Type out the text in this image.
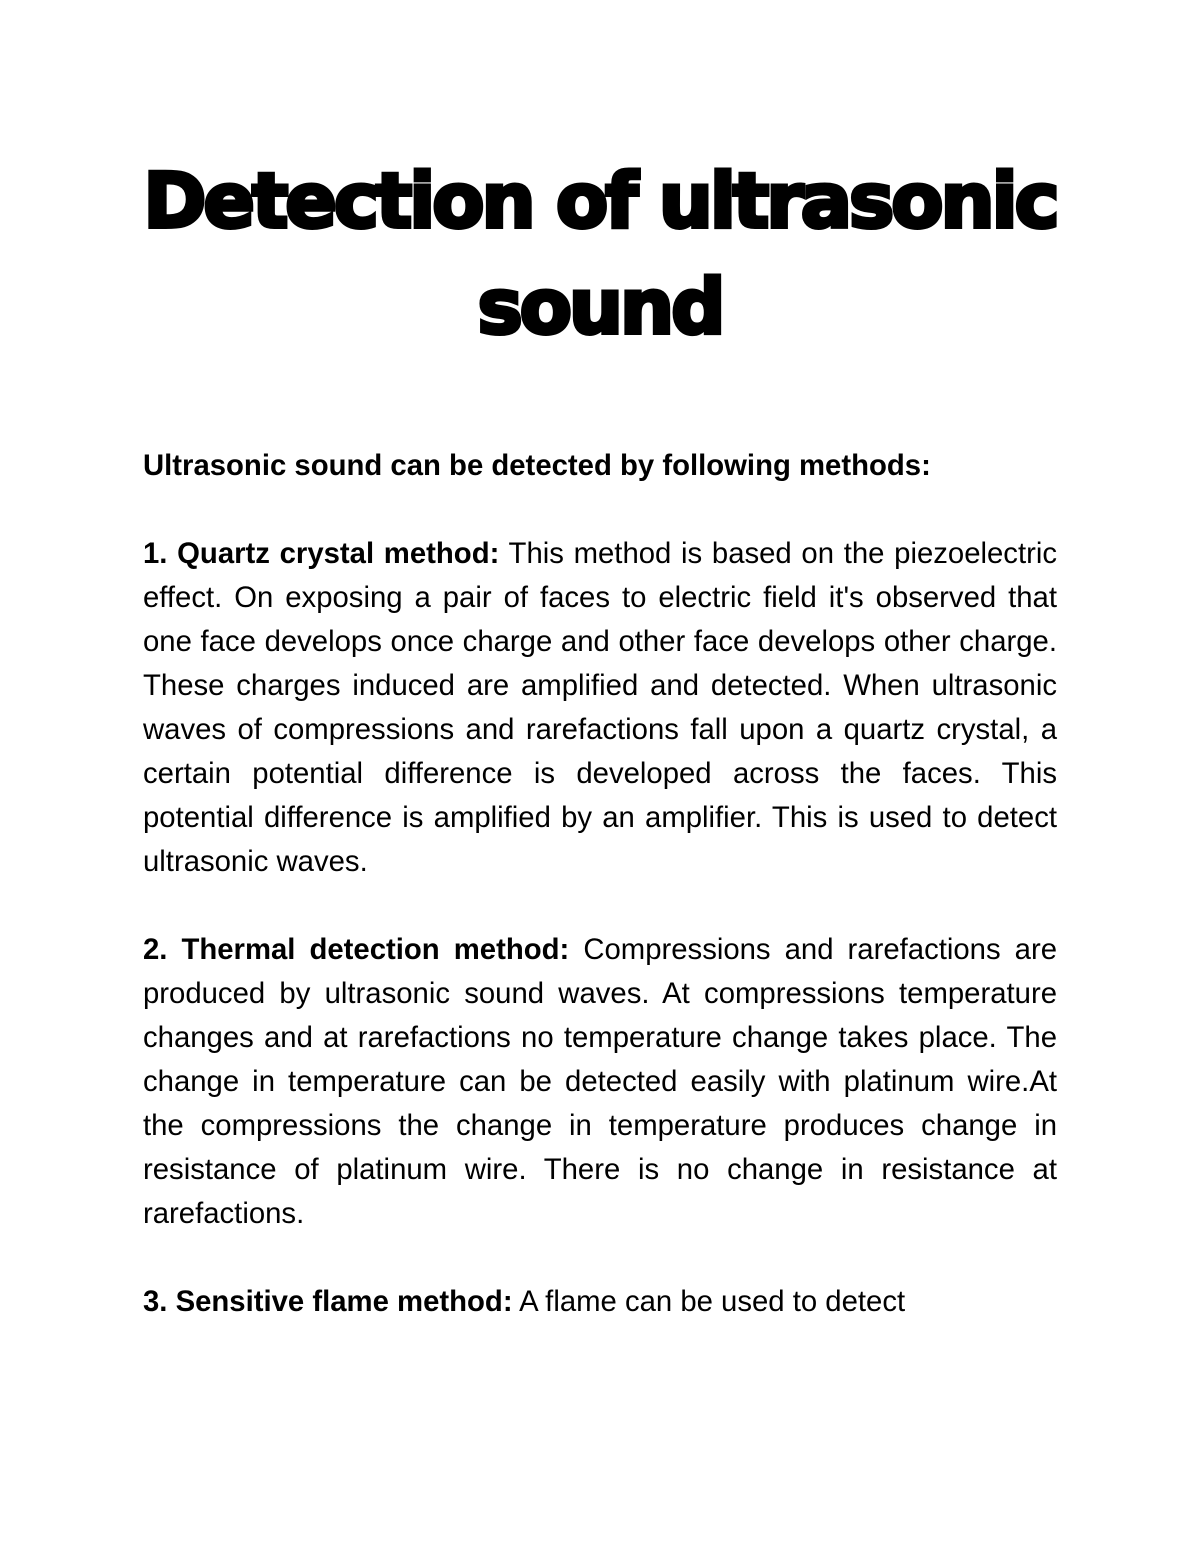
Detection of ultrasonic
sound

Ultrasonic sound can be detected by following methods:

1. Quartz crystal method: This method is based on the piezoelectric effect. On exposing a pair of faces to electric field it's observed that one face develops once charge and other face develops other charge. These charges induced are amplified and detected. When ultrasonic waves of compressions and rarefactions fall upon a quartz crystal, a certain potential difference is developed across the faces. This potential difference is amplified by an amplifier. This is used to detect ultrasonic waves.

2. Thermal detection method: Compressions and rarefactions are produced by ultrasonic sound waves. At compressions temperature changes and at rarefactions no temperature change takes place. The change in temperature can be detected easily with platinum wire.At the compressions the change in temperature produces change in resistance of platinum wire. There is no change in resistance at rarefactions.

3. Sensitive flame method: A flame can be used to detect
